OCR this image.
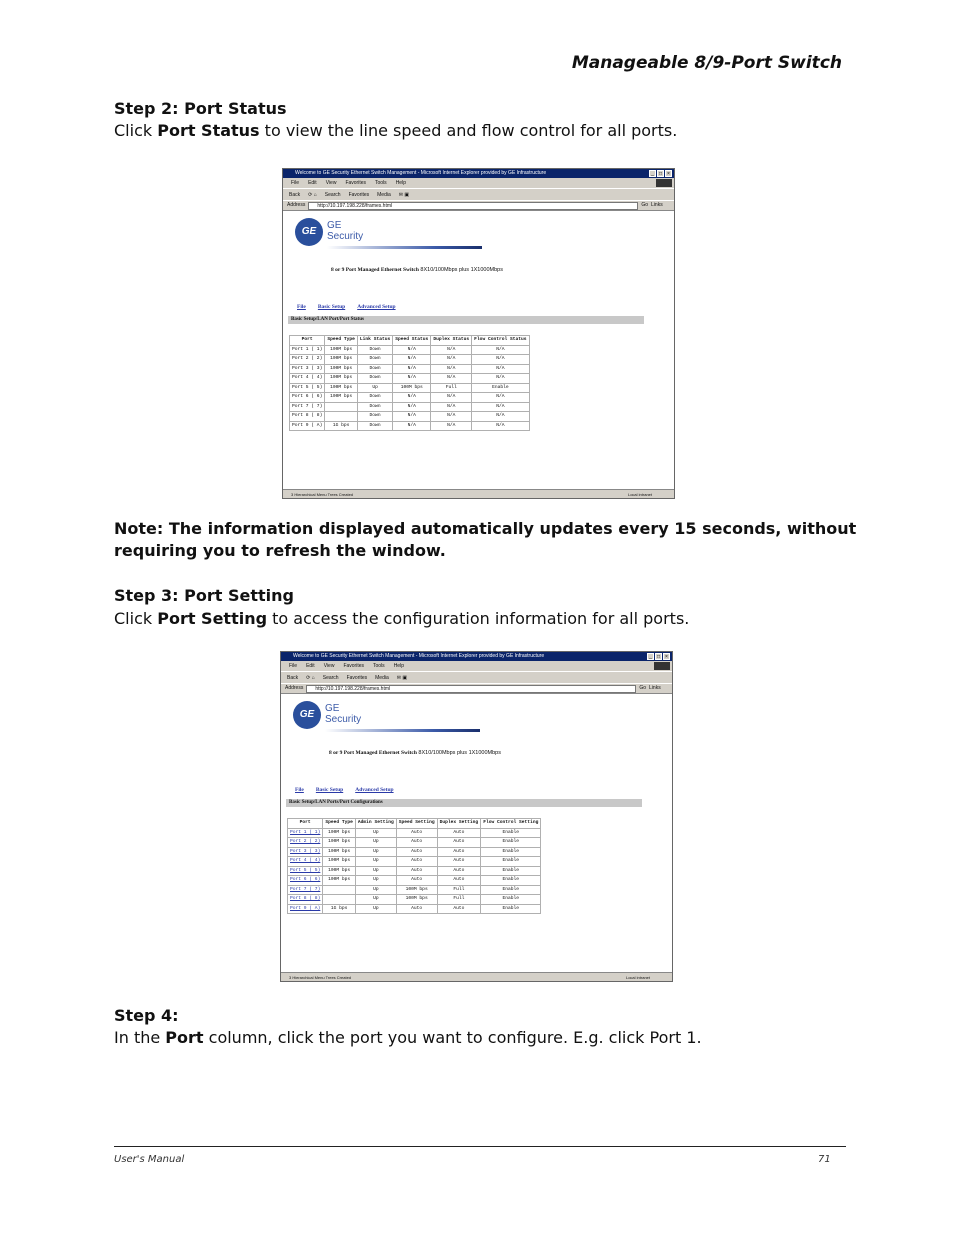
Manageable 8/9-Port Switch
Step 2: Port Status
Click Port Status to view the line speed and flow control for all ports.
Welcome to GE Security Ethernet Switch Management - Microsoft Internet Explorer provided by GE Infrastructure	_	□	×
File Edit View Favorites Tools Help
Back ⟳ ⌂ Search Favorites Media ✉ ▣
Address	http://10.197.198.228/frames.html	Go Links
GE
GE
Security
8 or 9 Port Managed Ethernet Switch 8X10/100Mbps plus 1X1000Mbps
File Basic Setup Advanced Setup
Basic Setup/LAN Port/Port Status
Port	Speed Type	Link Status	Speed Status	Duplex Status	Flow Control Status
Port 1 ( 1)	100M bps	Down	N/A	N/A	N/A
Port 2 ( 2)	100M bps	Down	N/A	N/A	N/A
Port 3 ( 3)	100M bps	Down	N/A	N/A	N/A
Port 4 ( 4)	100M bps	Down	N/A	N/A	N/A
Port 5 ( 5)	100M bps	Up	100M bps	Full	Enable
Port 6 ( 6)	100M bps	Down	N/A	N/A	N/A
Port 7 ( 7)		Down	N/A	N/A	N/A
Port 8 ( 8)		Down	N/A	N/A	N/A
Port 9 ( A)	1G bps	Down	N/A	N/A	N/A
3 Hierarchical Menu Trees Created	Local intranet
Note: The information displayed automatically updates every 15 seconds, without requiring you to refresh the window.
Step 3: Port Setting
Click Port Setting to access the configuration information for all ports.
Welcome to GE Security Ethernet Switch Management - Microsoft Internet Explorer provided by GE Infrastructure	_	□	×
File Edit View Favorites Tools Help
Back ⟳ ⌂ Search Favorites Media ✉ ▣
Address	http://10.197.198.228/frames.html	Go Links
GE
GE
Security
8 or 9 Port Managed Ethernet Switch 8X10/100Mbps plus 1X1000Mbps
File Basic Setup Advanced Setup
Basic Setup/LAN Ports/Port Configurations
Port	Speed Type	Admin Setting	Speed Setting	Duplex Setting	Flow Control Setting
Port 1 ( 1)	100M bps	Up	Auto	Auto	Enable
Port 2 ( 2)	100M bps	Up	Auto	Auto	Enable
Port 3 ( 3)	100M bps	Up	Auto	Auto	Enable
Port 4 ( 4)	100M bps	Up	Auto	Auto	Enable
Port 5 ( 5)	100M bps	Up	Auto	Auto	Enable
Port 6 ( 6)	100M bps	Up	Auto	Auto	Enable
Port 7 ( 7)		Up	100M bps	Full	Enable
Port 8 ( 8)		Up	100M bps	Full	Enable
Port 9 ( A)	1G bps	Up	Auto	Auto	Enable
3 Hierarchical Menu Trees Created	Local intranet
Step 4:
In the Port column, click the port you want to configure. E.g. click Port 1.
User's Manual	71
